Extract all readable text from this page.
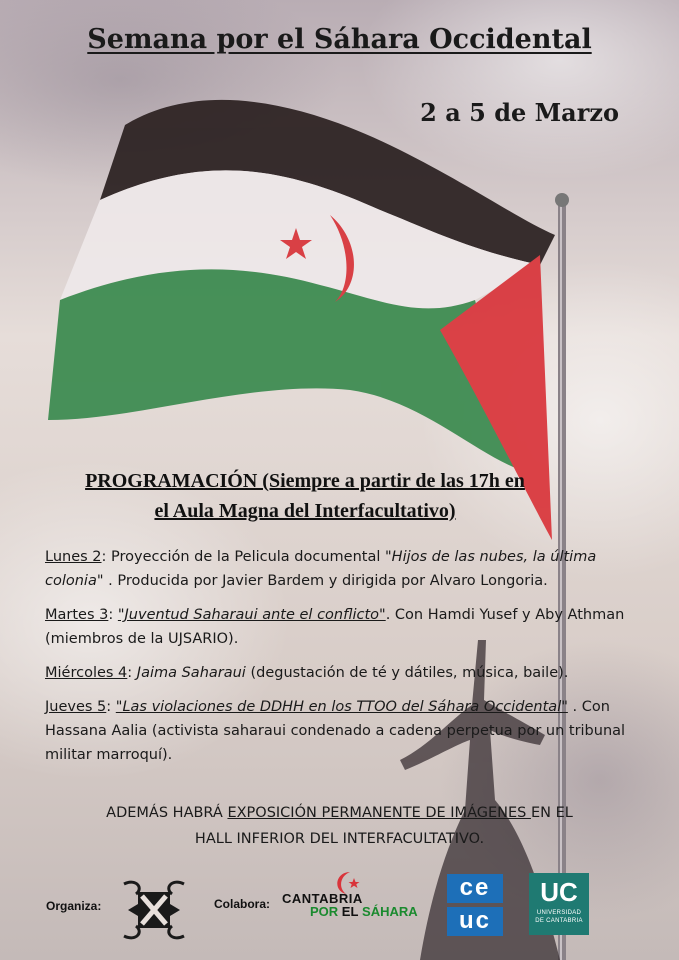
Semana por el Sáhara Occidental
2 a 5 de Marzo
PROGRAMACIÓN (Siempre a partir de las 17h en
el Aula Magna del Interfacultativo)
Lunes 2: Proyección de la Pelicula documental "Hijos de las nubes, la última colonia" . Producida por Javier Bardem y dirigida por Alvaro Longoria.
Martes 3: "Juventud Saharaui ante el conflicto". Con Hamdi Yusef y Aby Athman (miembros de la UJSARIO).
Miércoles 4: Jaima Saharaui (degustación de té y dátiles, música, baile).
Jueves 5: "Las violaciones de DDHH en los TTOO del Sáhara Occidental" . Con Hassana Aalia (activista saharaui condenado a cadena perpetua por un tribunal militar marroquí).
ADEMÁS HABRÁ EXPOSICIÓN PERMANENTE DE IMÁGENES EN EL
HALL INFERIOR DEL INTERFACULTATIVO.
Organiza:	Colabora: CANTABRIA
POR EL SÁHARA
ce
uc
UC
UNIVERSIDAD
DE CANTABRIA
